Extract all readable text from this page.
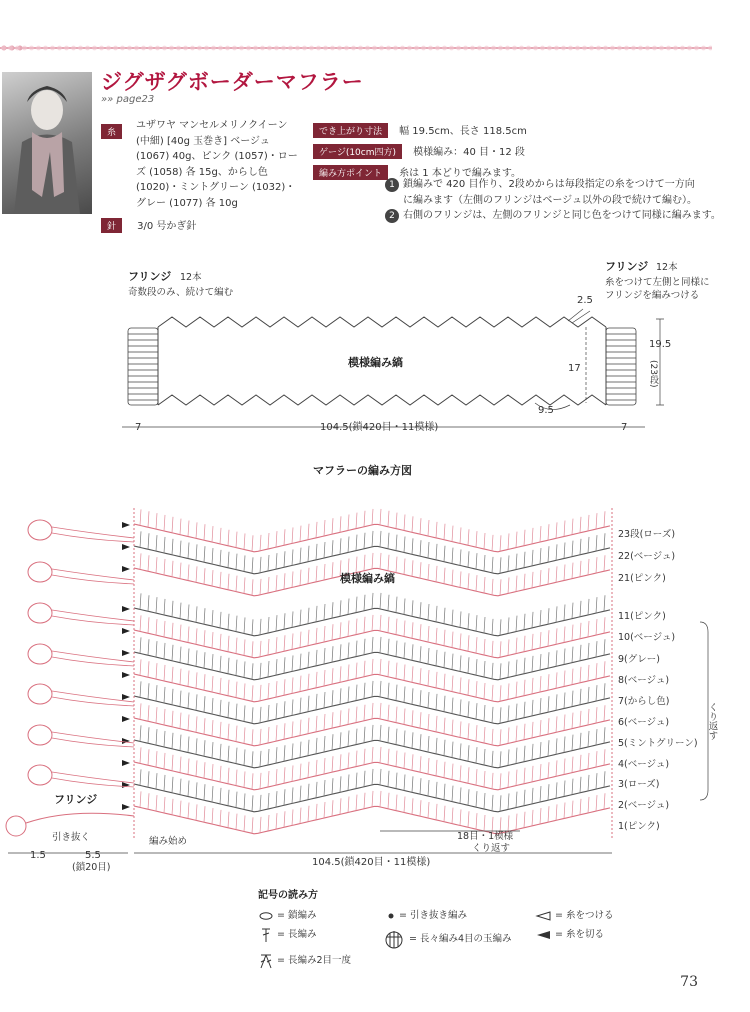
ジグザグボーダーマフラー
»» page23
糸
ユザワヤ マンセルメリノクイーン
(中細) [40g 玉巻き] ベージュ
(1067) 40g、ピンク (1057)・ロー
ズ (1058) 各 15g、からし色
(1020)・ミントグリーン (1032)・
グレー (1077) 各 10g
針 3/0 号かぎ針
でき上がり寸法 幅 19.5cm、長さ 118.5cm
ゲージ(10cm四方) 模様編み：40 目・12 段
編み方ポイント 糸は 1 本どりで編みます。
1 鎖編みで 420 目作り、2段めからは毎段指定の糸をつけて一方向
に編みます（左側のフリンジはベージュ以外の段で続けて編む）。
2 右側のフリンジは、左側のフリンジと同じ色をつけて同様に編みます。
フリンジ 12本
奇数段のみ、続けて編む
フリンジ 12本
糸をつけて左側と同様に
フリンジを編みつける
模様編み縞
2.5
17
9.5
19.5
(23段)
7	7
104.5(鎖420目・11模様)
マフラーの編み方図
模様編み縞
18目・1模様
くり返す
104.5(鎖420目・11模様)
1.5	5.5
(鎖20目)
フリンジ
引き抜く	編み始め
くり返す
23段(ローズ)
22(ベージュ)
21(ピンク)
11(ピンク)
10(ベージュ)
9(グレー)
8(ベージュ)
7(からし色)
6(ベージュ)
5(ミントグリーン)
4(ベージュ)
3(ローズ)
2(ベージュ)
1(ピンク)
記号の読み方
= 鎖編み
= 長編み
= 長編み2目一度
= 引き抜き編み
= 長々編み4目の玉編み
= 糸をつける
= 糸を切る
73
